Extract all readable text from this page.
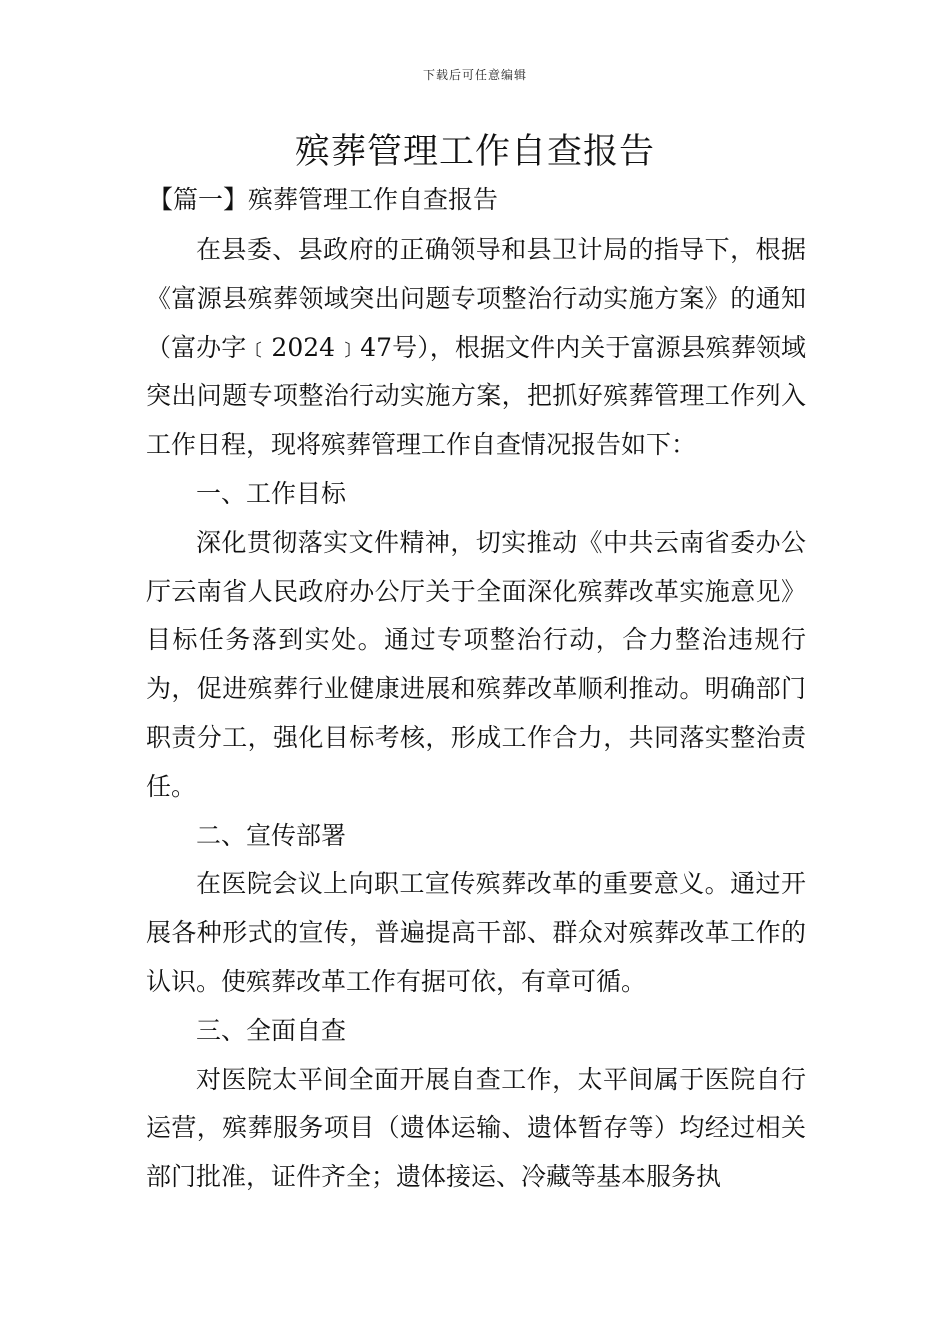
下载后可任意编辑
殡葬管理工作自查报告
【篇一】殡葬管理工作自查报告

在县委、县政府的正确领导和县卫计局的指导下，根据《富源县殡葬领域突出问题专项整治行动实施方案》的通知（富办字﹝2024﹞47号），根据文件内关于富源县殡葬领域突出问题专项整治行动实施方案，把抓好殡葬管理工作列入工作日程，现将殡葬管理工作自查情况报告如下：

一、工作目标

深化贯彻落实文件精神，切实推动《中共云南省委办公厅云南省人民政府办公厅关于全面深化殡葬改革实施意见》目标任务落到实处。通过专项整治行动，合力整治违规行为，促进殡葬行业健康进展和殡葬改革顺利推动。明确部门职责分工，强化目标考核，形成工作合力，共同落实整治责任。

二、宣传部署

在医院会议上向职工宣传殡葬改革的重要意义。通过开展各种形式的宣传，普遍提高干部、群众对殡葬改革工作的认识。使殡葬改革工作有据可依，有章可循。

三、全面自查

对医院太平间全面开展自查工作，太平间属于医院自行运营，殡葬服务项目（遗体运输、遗体暂存等）均经过相关部门批准，证件齐全；遗体接运、冷藏等基本服务执
